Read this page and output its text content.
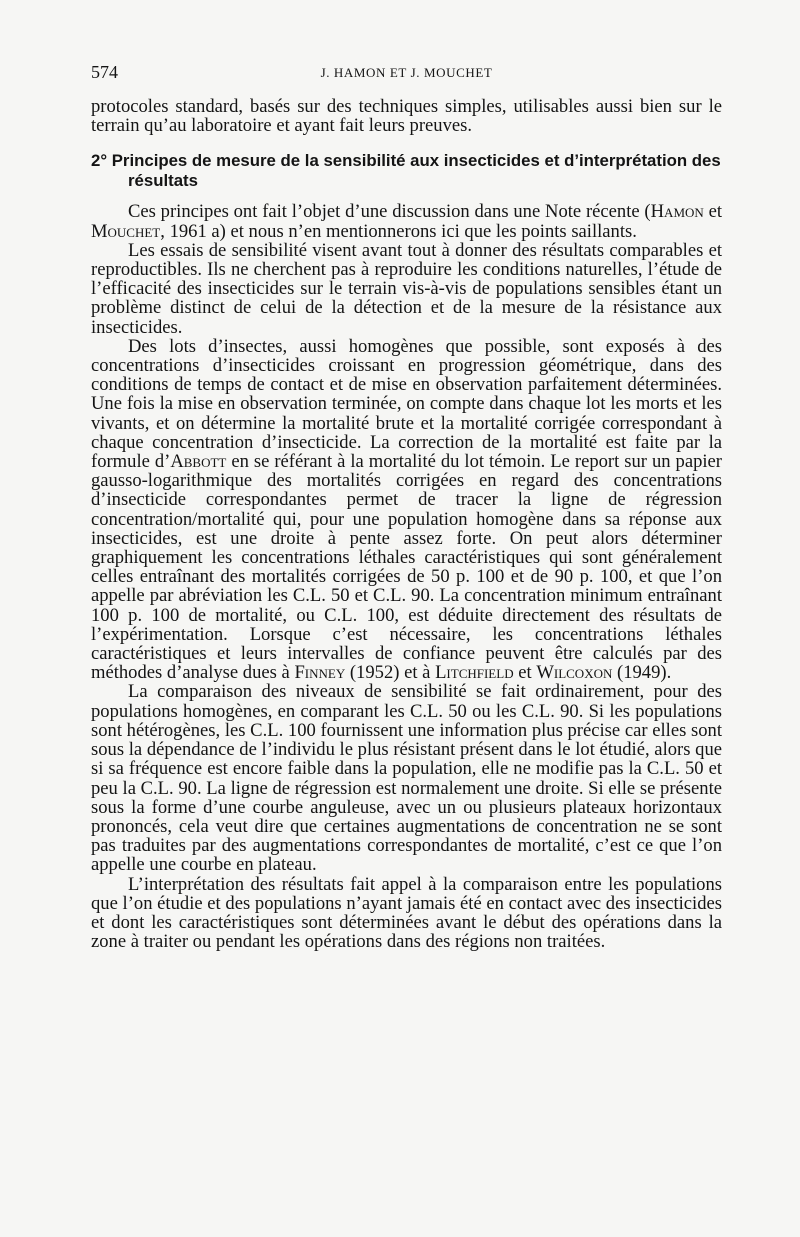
574	J. HAMON ET J. MOUCHET

protocoles standard, basés sur des techniques simples, utilisables aussi bien sur le terrain qu’au laboratoire et ayant fait leurs preuves.

2° Principes de mesure de la sensibilité aux insecticides et d’interprétation des résultats

Ces principes ont fait l’objet d’une discussion dans une Note récente (Hamon et Mouchet, 1961 a) et nous n’en mentionnerons ici que les points saillants.

Les essais de sensibilité visent avant tout à donner des résultats comparables et reproductibles. Ils ne cherchent pas à reproduire les conditions naturelles, l’étude de l’efficacité des insecticides sur le terrain vis-à-vis de populations sensibles étant un problème distinct de celui de la détection et de la mesure de la résistance aux insecticides.

Des lots d’insectes, aussi homogènes que possible, sont exposés à des concentrations d’insecticides croissant en progression géométrique, dans des conditions de temps de contact et de mise en observation parfaitement déterminées. Une fois la mise en observation terminée, on compte dans chaque lot les morts et les vivants, et on détermine la mortalité brute et la mortalité corrigée correspondant à chaque concentration d’insecticide. La correction de la mortalité est faite par la formule d’Abbott en se référant à la mortalité du lot témoin. Le report sur un papier gausso-logarithmique des mortalités corrigées en regard des concentrations d’insecticide correspondantes permet de tracer la ligne de régression concentration/mortalité qui, pour une population homogène dans sa réponse aux insecticides, est une droite à pente assez forte. On peut alors déterminer graphiquement les concentrations léthales caractéristiques qui sont généralement celles entraînant des mortalités corrigées de 50 p. 100 et de 90 p. 100, et que l’on appelle par abréviation les C.L. 50 et C.L. 90. La concentration minimum entraînant 100 p. 100 de mortalité, ou C.L. 100, est déduite directement des résultats de l’expérimentation. Lorsque c’est nécessaire, les concentrations léthales caractéristiques et leurs intervalles de confiance peuvent être calculés par des méthodes d’analyse dues à Finney (1952) et à Litchfield et Wilcoxon (1949).

La comparaison des niveaux de sensibilité se fait ordinairement, pour des populations homogènes, en comparant les C.L. 50 ou les C.L. 90. Si les populations sont hétérogènes, les C.L. 100 fournissent une information plus précise car elles sont sous la dépendance de l’individu le plus résistant présent dans le lot étudié, alors que si sa fréquence est encore faible dans la population, elle ne modifie pas la C.L. 50 et peu la C.L. 90. La ligne de régression est normalement une droite. Si elle se présente sous la forme d’une courbe anguleuse, avec un ou plusieurs plateaux horizontaux prononcés, cela veut dire que certaines augmentations de concentration ne se sont pas traduites par des augmentations correspondantes de mortalité, c’est ce que l’on appelle une courbe en plateau.

L’interprétation des résultats fait appel à la comparaison entre les populations que l’on étudie et des populations n’ayant jamais été en contact avec des insecticides et dont les caractéristiques sont déterminées avant le début des opérations dans la zone à traiter ou pendant les opérations dans des régions non traitées.
